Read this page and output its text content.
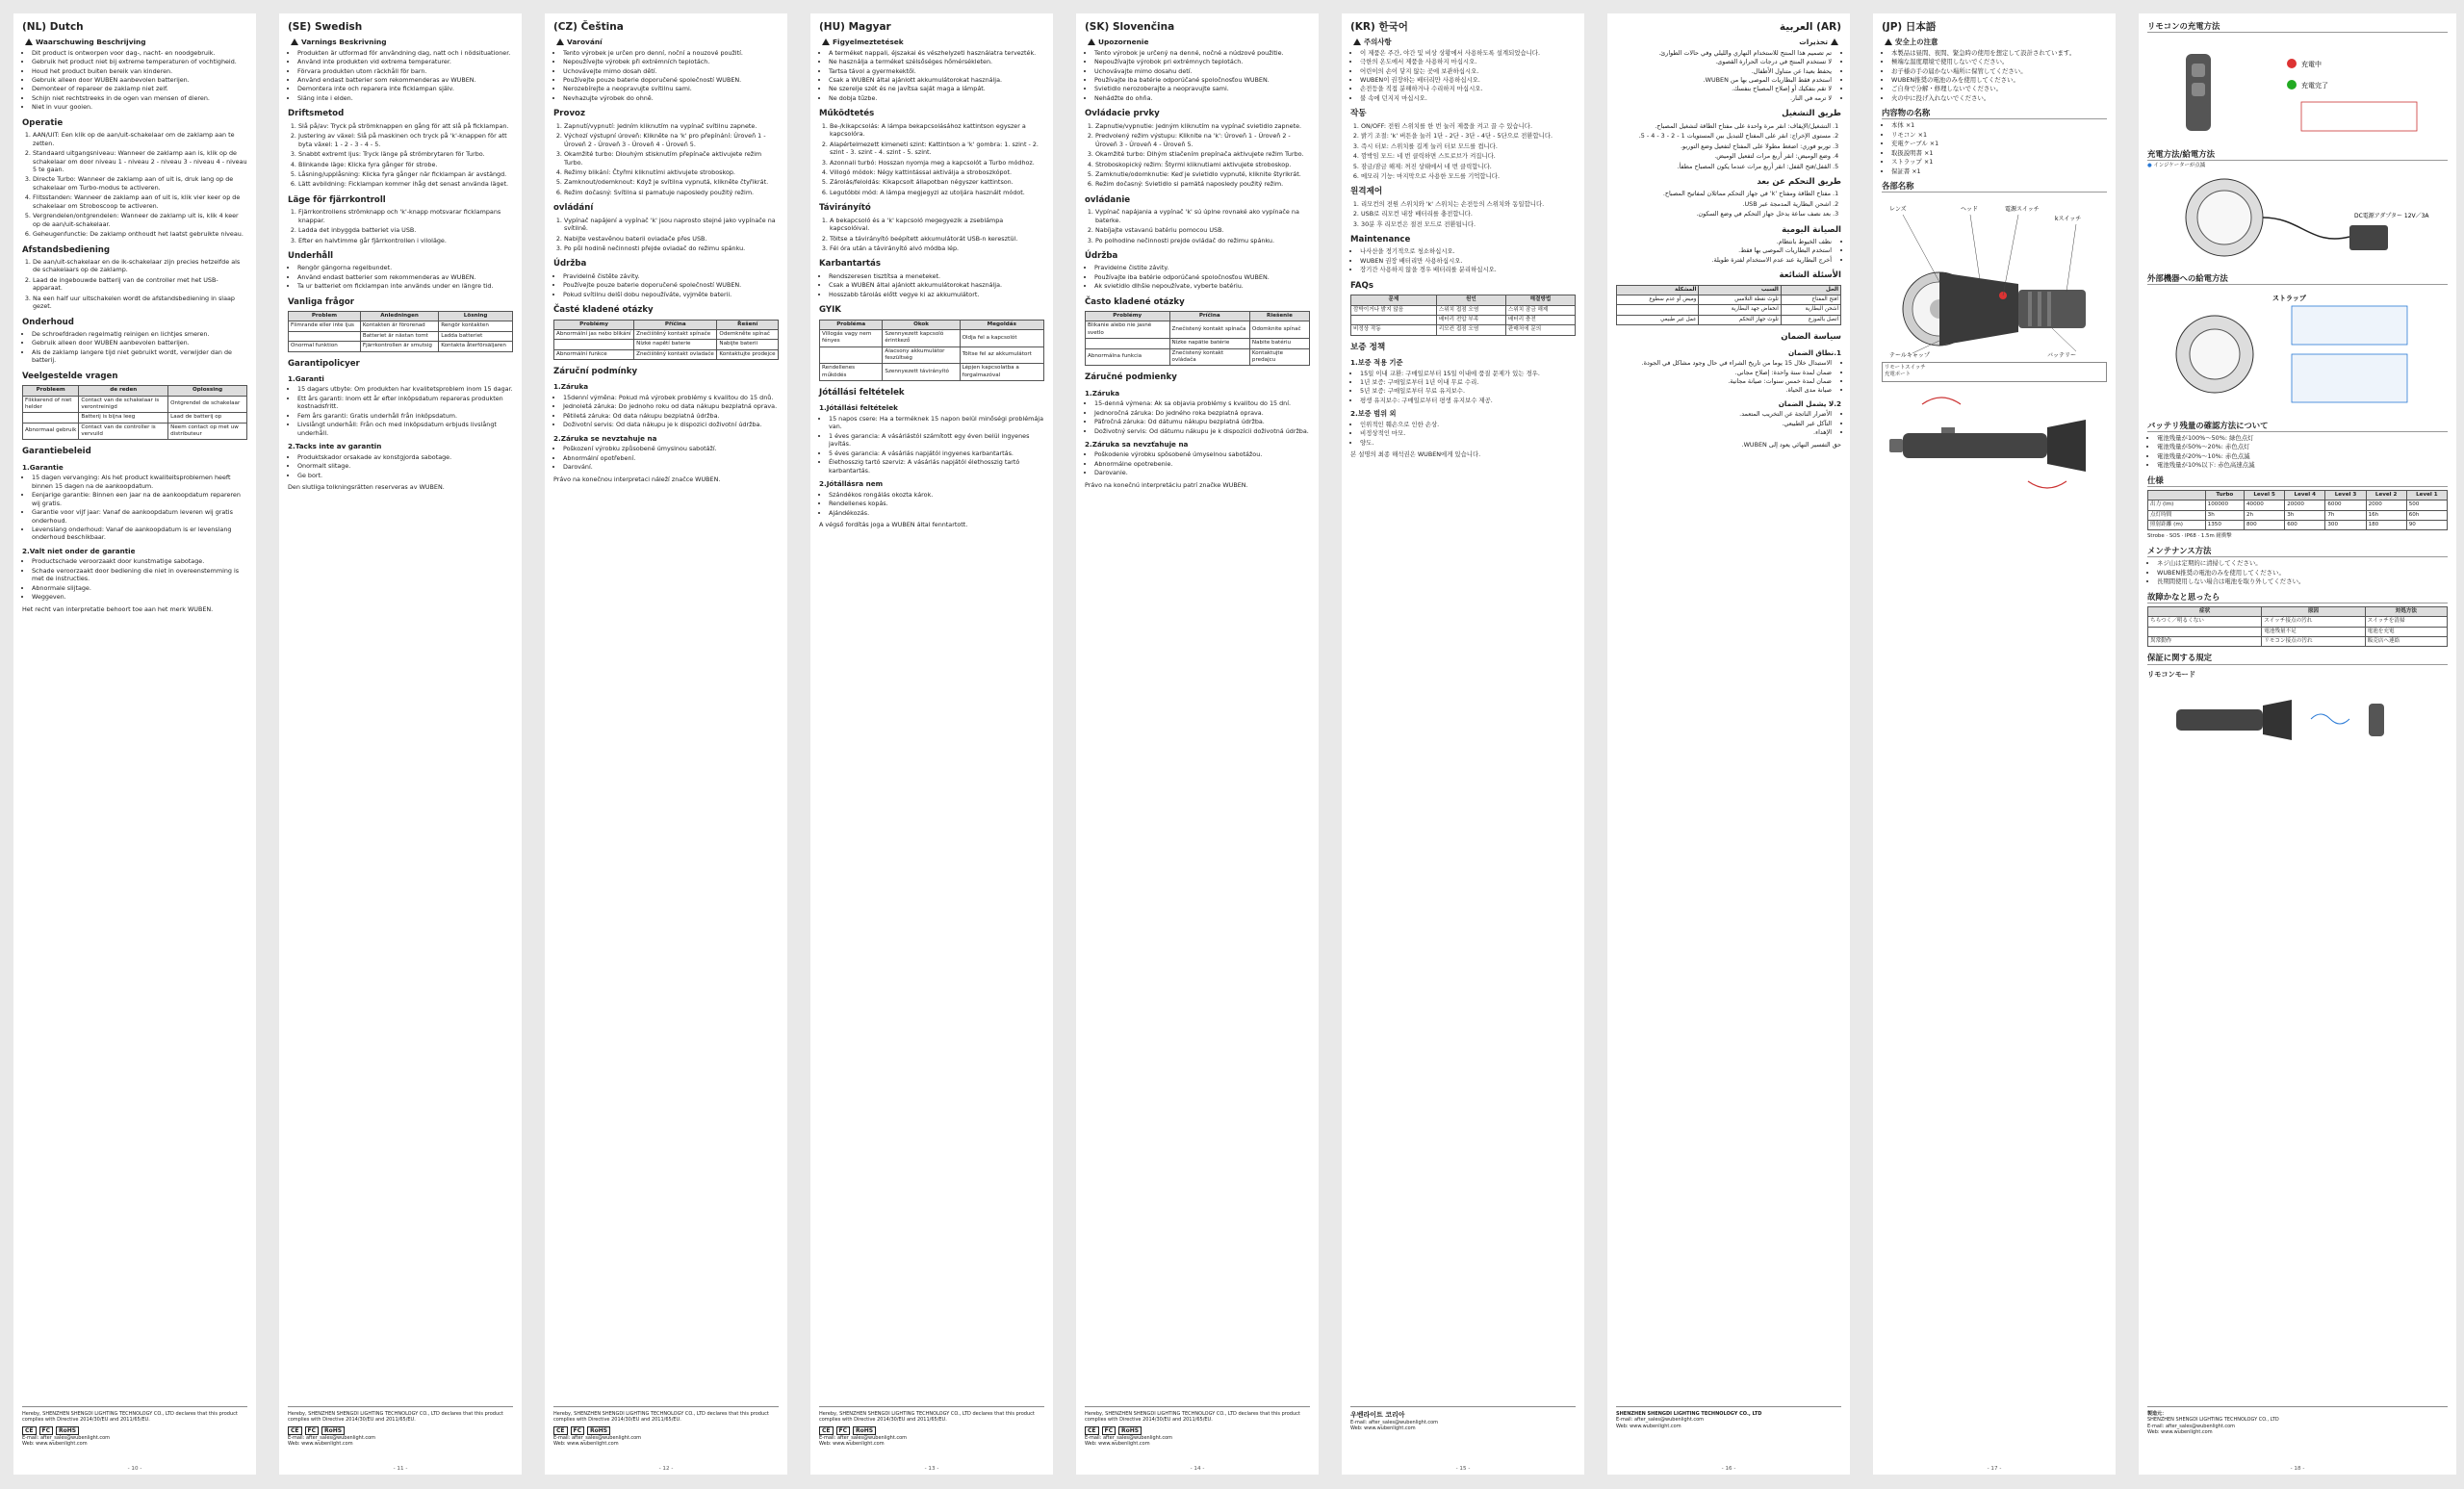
(NL) Dutch
Waarschuwing Beschrijving
• Dit product is ontworpen voor dag-, nacht- en noodgebruik.
• Gebruik het product niet bij extreme temperaturen of vochtigheid.
• Houd het product buiten bereik van kinderen.
• Gebruik alleen door WUBEN aanbevolen batterijen.
• Demonteer of repareer de zaklamp niet zelf.
• Schijn niet rechtstreeks in de ogen van mensen of dieren.
• Niet in vuur gooien.
Operatie
1. AAN/UIT: Een klik op de aan/uit-schakelaar om de zaklamp aan te zetten.
2. Standaard uitgangsniveau: Wanneer de zaklamp aan is, klik op de schakelaar om door niveau 1 - niveau 2 - niveau 3 - niveau 4 - niveau 5 te gaan.
3. Directe Turbo: Wanneer de zaklamp aan of uit is, druk lang op de schakelaar om Turbo-modus te activeren.
4. Flitsstanden: Wanneer de zaklamp aan of uit is, klik vier keer op de schakelaar om Stroboscoop te activeren.
5. Vergrendelen/ontgrendelen: Wanneer de zaklamp uit is, klik 4 keer op de aan/uit-schakelaar.
6. Geheugenfunctie: De zaklamp onthoudt het laatst gebruikte niveau.
Afstandsbediening
1. De aan/uit-schakelaar en de ik-schakelaar zijn precies hetzelfde als de schakelaars op de zaklamp.
2. Laad de ingebouwde batterij van de controller met het USB-apparaat.
3. Na een half uur uitschakelen wordt de afstandsbediening in slaap gezet.
Onderhoud
• De schroefdraden regelmatig reinigen en lichtjes smeren.
• Gebruik alleen door WUBEN aanbevolen batterijen.
• Als de zaklamp langere tijd niet gebruikt wordt, verwijder dan de batterij.
Veelgestelde vragen
Probleem	de reden	Oplossing
Flikkerend of niet helder	Contact van de schakelaar is verontreinigd	Ontgrendel de schakelaar
	Batterij is bijna leeg	Laad de batterij op
Abnormaal gebruik	Contact van de controller is vervuild	Neem contact op met uw distributeur
Garantiebeleid
1.Garantie
• 15 dagen vervanging: Als het product kwaliteitsproblemen heeft binnen 15 dagen na de aankoopdatum.
• Eenjarige garantie: Binnen een jaar na de aankoopdatum repareren wij gratis.
• Garantie voor vijf jaar: Vanaf de aankoopdatum leveren wij gratis onderhoud.
• Levenslang onderhoud: Vanaf de aankoopdatum is er levenslang onderhoud beschikbaar.
2.Valt niet onder de garantie
• Productschade veroorzaakt door kunstmatige sabotage.
• Schade veroorzaakt door bediening die niet in overeenstemming is met de instructies.
• Abnormale slijtage.
• Weggeven.
Het recht van interpretatie behoort toe aan het merk WUBEN.
Hereby, SHENZHEN SHENGDI LIGHTING TECHNOLOGY CO., LTD declares that this product complies with Directive 2014/30/EU and 2011/65/EU.
CE FC RoHS
E-mail: after_sales@wubenlight.com
Web: www.wubenlight.com
- 10 -
(SE) Swedish
Varnings Beskrivning
• Produkten är utformad för användning dag, natt och i nödsituationer.
• Använd inte produkten vid extrema temperaturer.
• Förvara produkten utom räckhåll för barn.
• Använd endast batterier som rekommenderas av WUBEN.
• Demontera inte och reparera inte ficklampan själv.
• Släng inte i elden.
Driftsmetod
1. Slå på/av: Tryck på strömknappen en gång för att slå på ficklampan.
2. Justering av växel: Slå på maskinen och tryck på 'k'-knappen för att byta växel: 1 - 2 - 3 - 4 - 5.
3. Snabbt extremt ljus: Tryck länge på strömbrytaren för Turbo.
4. Blinkande läge: Klicka fyra gånger för strobe.
5. Låsning/upplåsning: Klicka fyra gånger när ficklampan är avstängd.
6. Lätt avbildning: Ficklampan kommer ihåg det senast använda läget.
Läge för fjärrkontroll
1. Fjärrkontrollens strömknapp och 'k'-knapp motsvarar ficklampans knappar.
2. Ladda det inbyggda batteriet via USB.
3. Efter en halvtimme går fjärrkontrollen i viloläge.
Underhåll
• Rengör gängorna regelbundet.
• Använd endast batterier som rekommenderas av WUBEN.
• Ta ur batteriet om ficklampan inte används under en längre tid.
Vanliga frågor
Problem	Anledningen	Lösning
Flimrande eller inte ljus	Kontakten är förorenad	Rengör kontakten
	Batteriet är nästan tomt	Ladda batteriet
Onormal funktion	Fjärrkontrollen är smutsig	Kontakta återförsäljaren
Garantipolicyer
1.Garanti
• 15 dagars utbyte: Om produkten har kvalitetsproblem inom 15 dagar.
• Ett års garanti: Inom ett år efter inköpsdatum repareras produkten kostnadsfritt.
• Fem års garanti: Gratis underhåll från inköpsdatum.
• Livslångt underhåll: Från och med inköpsdatum erbjuds livslångt underhåll.
2.Tacks inte av garantin
• Produktskador orsakade av konstgjorda sabotage.
• Onormalt slitage.
• Ge bort.
Den slutliga tolkningsrätten reserveras av WUBEN.
Hereby, SHENZHEN SHENGDI LIGHTING TECHNOLOGY CO., LTD declares that this product complies with Directive 2014/30/EU and 2011/65/EU.
CE FC RoHS
E-mail: after_sales@wubenlight.com
Web: www.wubenlight.com
- 11 -
(CZ) Čeština
Varování
• Tento výrobek je určen pro denní, noční a nouzové použití.
• Nepoužívejte výrobek při extrémních teplotách.
• Uchovávejte mimo dosah dětí.
• Používejte pouze baterie doporučené společností WUBEN.
• Nerozebírejte a neopravujte svítilnu sami.
• Nevhazujte výrobek do ohně.
Provoz
1. Zapnutí/vypnutí: Jedním kliknutím na vypínač svítilnu zapnete.
2. Výchozí výstupní úroveň: Klikněte na 'k' pro přepínání: Úroveň 1 - Úroveň 2 - Úroveň 3 - Úroveň 4 - Úroveň 5.
3. Okamžité turbo: Dlouhým stisknutím přepínače aktivujete režim Turbo.
4. Režimy blikání: Čtyřmi kliknutími aktivujete stroboskop.
5. Zamknout/odemknout: Když je svítilna vypnutá, klikněte čtyřikrát.
6. Režim dočasný: Svítilna si pamatuje naposledy použitý režim.
ovládání
1. Vypínač napájení a vypínač 'k' jsou naprosto stejné jako vypínače na svítilně.
2. Nabijte vestavěnou baterii ovladače přes USB.
3. Po půl hodině nečinnosti přejde ovladač do režimu spánku.
Údržba
• Pravidelně čistěte závity.
• Používejte pouze baterie doporučené společností WUBEN.
• Pokud svítilnu delší dobu nepoužíváte, vyjměte baterii.
Časté kladené otázky
Problémy	Příčina	Řešení
Abnormální jas nebo blikání	Znečištěný kontakt spínače	Odemkněte spínač
	Nízké napětí baterie	Nabijte baterii
Abnormální funkce	Znečištěný kontakt ovladače	Kontaktujte prodejce
Záruční podmínky
1.Záruka
• 15denní výměna: Pokud má výrobek problémy s kvalitou do 15 dnů.
• Jednoletá záruka: Do jednoho roku od data nákupu bezplatná oprava.
• Pětiletá záruka: Od data nákupu bezplatná údržba.
• Doživotní servis: Od data nákupu je k dispozici doživotní údržba.
2.Záruka se nevztahuje na
• Poškození výrobku způsobené úmyslnou sabotáží.
• Abnormální opotřebení.
• Darování.
Právo na konečnou interpretaci náleží značce WUBEN.
Hereby, SHENZHEN SHENGDI LIGHTING TECHNOLOGY CO., LTD declares that this product complies with Directive 2014/30/EU and 2011/65/EU.
CE FC RoHS
E-mail: after_sales@wubenlight.com
Web: www.wubenlight.com
- 12 -
(HU) Magyar
Figyelmeztetések
• A terméket nappali, éjszakai és vészhelyzeti használatra tervezték.
• Ne használja a terméket szélsőséges hőmérsékleten.
• Tartsa távol a gyermekektől.
• Csak a WUBEN által ajánlott akkumulátorokat használja.
• Ne szerelje szét és ne javítsa saját maga a lámpát.
• Ne dobja tűzbe.
Működtetés
1. Be-/kikapcsolás: A lámpa bekapcsolásához kattintson egyszer a kapcsolóra.
2. Alapértelmezett kimeneti szint: Kattintson a 'k' gombra: 1. szint - 2. szint - 3. szint - 4. szint - 5. szint.
3. Azonnali turbó: Hosszan nyomja meg a kapcsolót a Turbo módhoz.
4. Villogó módok: Négy kattintással aktiválja a stroboszkópot.
5. Zárolás/feloldás: Kikapcsolt állapotban négyszer kattintson.
6. Legutóbbi mód: A lámpa megjegyzi az utoljára használt módot.
Távirányító
1. A bekapcsoló és a 'k' kapcsoló megegyezik a zseblámpa kapcsolóival.
2. Töltse a távirányító beépített akkumulátorát USB-n keresztül.
3. Fél óra után a távirányító alvó módba lép.
Karbantartás
• Rendszeresen tisztítsa a meneteket.
• Csak a WUBEN által ajánlott akkumulátorokat használja.
• Hosszabb tárolás előtt vegye ki az akkumulátort.
GYIK
Probléma	Okok	Megoldás
Villogás vagy nem fényes	Szennyezett kapcsoló érintkező	Oldja fel a kapcsolót
	Alacsony akkumulátor feszültség	Töltse fel az akkumulátort
Rendellenes működés	Szennyezett távirányító	Lépjen kapcsolatba a forgalmazóval
Jótállási feltételek
1.Jótállási feltételek
• 15 napos csere: Ha a terméknek 15 napon belül minőségi problémája van.
• 1 éves garancia: A vásárlástól számított egy éven belül ingyenes javítás.
• 5 éves garancia: A vásárlás napjától ingyenes karbantartás.
• Élethosszig tartó szerviz: A vásárlás napjától élethosszig tartó karbantartás.
2.Jótállásra nem
• Szándékos rongálás okozta károk.
• Rendellenes kopás.
• Ajándékozás.
A végső fordítás joga a WUBEN által fenntartott.
Hereby, SHENZHEN SHENGDI LIGHTING TECHNOLOGY CO., LTD declares that this product complies with Directive 2014/30/EU and 2011/65/EU.
CE FC RoHS
E-mail: after_sales@wubenlight.com
Web: www.wubenlight.com
- 13 -
(SK) Slovenčina
Upozornenie
• Tento výrobok je určený na denné, nočné a núdzové použitie.
• Nepoužívajte výrobok pri extrémnych teplotách.
• Uchovávajte mimo dosahu detí.
• Používajte iba batérie odporúčané spoločnosťou WUBEN.
• Svietidlo nerozoberajte a neopravujte sami.
• Nehádžte do ohňa.
Ovládacie prvky
1. Zapnutie/vypnutie: Jedným kliknutím na vypínač svietidlo zapnete.
2. Predvolený režim výstupu: Kliknite na 'k': Úroveň 1 - Úroveň 2 - Úroveň 3 - Úroveň 4 - Úroveň 5.
3. Okamžité turbo: Dlhým stlačením prepínača aktivujete režim Turbo.
4. Stroboskopický režim: Štyrmi kliknutiami aktivujete stroboskop.
5. Zamknutie/odomknutie: Keď je svietidlo vypnuté, kliknite štyrikrát.
6. Režim dočasný: Svietidlo si pamätá naposledy použitý režim.
ovládanie
1. Vypínač napájania a vypínač 'k' sú úplne rovnaké ako vypínače na baterke.
2. Nabíjajte vstavanú batériu pomocou USB.
3. Po polhodine nečinnosti prejde ovládač do režimu spánku.
Údržba
• Pravidelne čistite závity.
• Používajte iba batérie odporúčané spoločnosťou WUBEN.
• Ak svietidlo dlhšie nepoužívate, vyberte batériu.
Často kladené otázky
Problémy	Príčina	Riešenie
Blikanie alebo nie jasné svetlo	Znečistený kontakt spínača	Odomknite spínač
	Nízke napätie batérie	Nabite batériu
Abnormálna funkcia	Znečistený kontakt ovládača	Kontaktujte predajcu
Záručné podmienky
1.Záruka
• 15-denná výmena: Ak sa objavia problémy s kvalitou do 15 dní.
• Jednoročná záruka: Do jedného roka bezplatná oprava.
• Päťročná záruka: Od dátumu nákupu bezplatná údržba.
• Doživotný servis: Od dátumu nákupu je k dispozícii doživotná údržba.
2.Záruka sa nevzťahuje na
• Poškodenie výrobku spôsobené úmyselnou sabotážou.
• Abnormálne opotrebenie.
• Darovanie.
Právo na konečnú interpretáciu patrí značke WUBEN.
Hereby, SHENZHEN SHENGDI LIGHTING TECHNOLOGY CO., LTD declares that this product complies with Directive 2014/30/EU and 2011/65/EU.
CE FC RoHS
E-mail: after_sales@wubenlight.com
Web: www.wubenlight.com
- 14 -
(KR) 한국어
주의사항
• 이 제품은 주간, 야간 및 비상 상황에서 사용하도록 설계되었습니다.
• 극한의 온도에서 제품을 사용하지 마십시오.
• 어린이의 손이 닿지 않는 곳에 보관하십시오.
• WUBEN이 권장하는 배터리만 사용하십시오.
• 손전등을 직접 분해하거나 수리하지 마십시오.
• 불 속에 던지지 마십시오.
작동
1. ON/OFF: 전원 스위치를 한 번 눌러 제품을 켜고 끌 수 있습니다.
2. 밝기 조절: 'k' 버튼을 눌러 1단 - 2단 - 3단 - 4단 - 5단으로 전환합니다.
3. 즉시 터보: 스위치를 길게 눌러 터보 모드를 켭니다.
4. 깜박임 모드: 네 번 클릭하면 스트로브가 켜집니다.
5. 잠금/잠금 해제: 꺼진 상태에서 네 번 클릭합니다.
6. 메모리 기능: 마지막으로 사용한 모드를 기억합니다.
원격제어
1. 리모컨의 전원 스위치와 'k' 스위치는 손전등의 스위치와 동일합니다.
2. USB로 리모컨 내장 배터리를 충전합니다.
3. 30분 후 리모컨은 절전 모드로 전환됩니다.
Maintenance
• 나사산을 정기적으로 청소하십시오.
• WUBEN 권장 배터리만 사용하십시오.
• 장기간 사용하지 않을 경우 배터리를 분리하십시오.
FAQs
문제	원인	해결방법
깜박이거나 밝지 않음	스위치 접점 오염	스위치 잠금 해제
	배터리 전압 부족	배터리 충전
비정상 작동	리모컨 접점 오염	판매처에 문의
보증 정책
1.보증 적용 기준
• 15일 이내 교환: 구매일로부터 15일 이내에 품질 문제가 있는 경우.
• 1년 보증: 구매일로부터 1년 이내 무료 수리.
• 5년 보증: 구매일로부터 무료 유지보수.
• 평생 유지보수: 구매일로부터 평생 유지보수 제공.
2.보증 범위 외
• 인위적인 훼손으로 인한 손상.
• 비정상적인 마모.
• 양도.
본 설명의 최종 해석권은 WUBEN에게 있습니다.
우벤라이트 코리아
E-mail: after_sales@wubenlight.com
Web: www.wubenlight.com
- 15 -
(AR) العربية
تحذيرات
• تم تصميم هذا المنتج للاستخدام النهاري والليلي وفي حالات الطوارئ.
• لا تستخدم المنتج في درجات الحرارة القصوى.
• يحفظ بعيدا عن متناول الأطفال.
• استخدم فقط البطاريات الموصى بها من WUBEN.
• لا تقم بتفكيك أو إصلاح المصباح بنفسك.
• لا ترمه في النار.
طريق التشغيل
1. التشغيل/الإيقاف: انقر مرة واحدة على مفتاح الطاقة لتشغيل المصباح.
2. مستوى الإخراج: انقر على المفتاح للتبديل بين المستويات 1 - 2 - 3 - 4 - 5.
3. توربو فوري: اضغط مطولا على المفتاح لتفعيل وضع التوربو.
4. وضع الوميض: انقر أربع مرات لتفعيل الوميض.
5. القفل/فتح القفل: انقر أربع مرات عندما يكون المصباح مطفأ.
طريق التحكم عن بعد
1. مفتاح الطاقة ومفتاح 'k' في جهاز التحكم مماثلان لمفاتيح المصباح.
2. اشحن البطارية المدمجة عبر USB.
3. بعد نصف ساعة يدخل جهاز التحكم في وضع السكون.
الصيانة اليومية
• نظف الخيوط بانتظام.
• استخدم البطاريات الموصى بها فقط.
• أخرج البطارية عند عدم الاستخدام لفترة طويلة.
الأسئلة الشائعة
الحل	السبب	المشكلة
افتح المفتاح	تلوث نقطة التلامس	وميض أو عدم سطوع
اشحن البطارية	انخفاض جهد البطارية	
اتصل بالموزع	تلوث جهاز التحكم	عمل غير طبيعي
سياسة الضمان
1.نطاق الضمان
• الاستبدال خلال 15 يوما من تاريخ الشراء في حال وجود مشاكل في الجودة.
• ضمان لمدة سنة واحدة: إصلاح مجاني.
• ضمان لمدة خمس سنوات: صيانة مجانية.
• صيانة مدى الحياة.
2.لا يشمل الضمان
• الأضرار الناتجة عن التخريب المتعمد.
• التآكل غير الطبيعي.
• الإهداء.
حق التفسير النهائي يعود إلى WUBEN.
SHENZHEN SHENGDI LIGHTING TECHNOLOGY CO., LTD
E-mail: after_sales@wubenlight.com
Web: www.wubenlight.com
- 16 -
(JP) 日本語
安全上の注意
• 本製品は昼間、夜間、緊急時の使用を想定して設計されています。
• 極端な温度環境で使用しないでください。
• お子様の手の届かない場所に保管してください。
• WUBEN推奨の電池のみを使用してください。
• ご自身で分解・修理しないでください。
• 火の中に投げ入れないでください。
内容物の名称
• 本体 ×1
• リモコン ×1
• 充電ケーブル ×1
• 取扱説明書 ×1
• ストラップ ×1
• 保証書 ×1
各部名称
レンズ	ヘッド	電源スイッチ
kスイッチ
バッテリー
テールキャップ
リモートスイッチ
充電ポート
- 17 -
リモコンの充電方法
充電中
充電完了
充電方法/給電方法
● インジケーターが点滅
DC電源アダプター 12V／3A
外部機器への給電方法
ストラップ
バッテリ残量の確認方法について
• 電池残量が100%〜50%: 緑色点灯
• 電池残量が50%〜20%: 赤色点灯
• 電池残量が20%〜10%: 赤色点滅
• 電池残量が10%以下: 赤色高速点滅
仕様
	Turbo	Level 5	Level 4	Level 3	Level 2	Level 1
出力 (lm)	100000	40000	20000	6000	2000	500
点灯時間	3h	2h	3h	7h	16h	60h
照射距離 (m)	1350	800	600	300	180	90
Strobe · SOS · IP68 · 1.5m 耐衝撃
メンテナンス方法
• ネジ山は定期的に清掃してください。
• WUBEN推奨の電池のみを使用してください。
• 長期間使用しない場合は電池を取り外してください。
故障かなと思ったら
症状	原因	対処方法
ちらつく／明るくない	スイッチ接点の汚れ	スイッチを清掃
	電池残量不足	電池を充電
異常動作	リモコン接点の汚れ	販売店へ連絡
保証に関する規定
リモコンモード
製造元：
SHENZHEN SHENGDI LIGHTING TECHNOLOGY CO., LTD
E-mail: after_sales@wubenlight.com
Web: www.wubenlight.com
- 18 -
